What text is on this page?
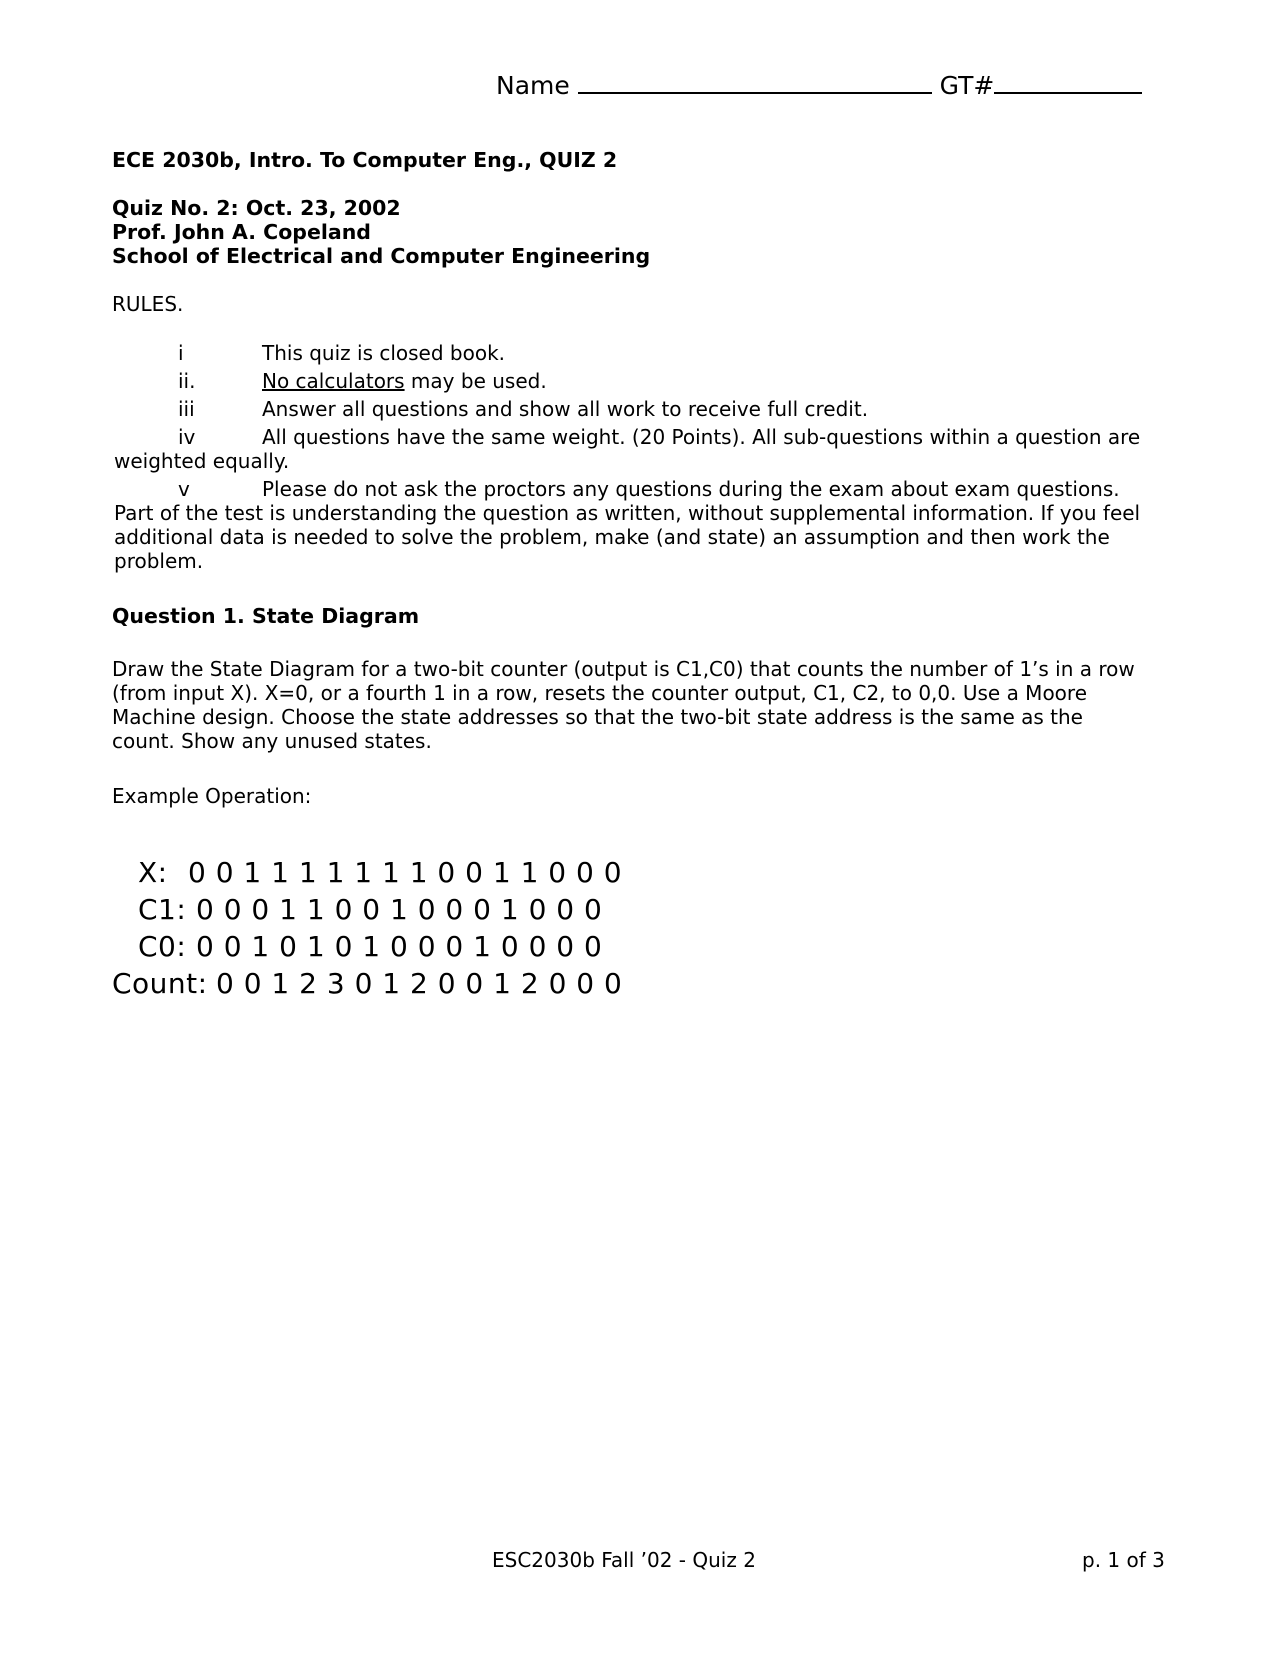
Name	GT#
ECE 2030b, Intro. To Computer Eng., QUIZ 2
Quiz No. 2: Oct. 23, 2002
Prof. John A. Copeland
School of Electrical and Computer Engineering
RULES.
i	This quiz is closed book.
ii.	No calculators may be used.
iii	Answer all questions and show all work to receive full credit.
iv	All questions have the same weight. (20 Points). All sub-questions within a question are
weighted equally.
v	Please do not ask the proctors any questions during the exam about exam questions.
Part of the test is understanding the question as written, without supplemental information. If you feel
additional data is needed to solve the problem, make (and state) an assumption and then work the
problem.
Question 1. State Diagram
Draw the State Diagram for a two-bit counter (output is C1,C0) that counts the number of 1’s in a row
(from input X). X=0, or a fourth 1 in a row, resets the counter output, C1, C2, to 0,0. Use a Moore
Machine design. Choose the state addresses so that the two-bit state address is the same as the
count. Show any unused states.
Example Operation:
X: 0 0 1 1 1 1 1 1 1 0 0 1 1 0 0 0
C1: 0 0 0 1 1 0 0 1 0 0 0 1 0 0 0
C0: 0 0 1 0 1 0 1 0 0 0 1 0 0 0 0
Count: 0 0 1 2 3 0 1 2 0 0 1 2 0 0 0
ESC2030b Fall ’02 - Quiz 2	p. 1 of 3
